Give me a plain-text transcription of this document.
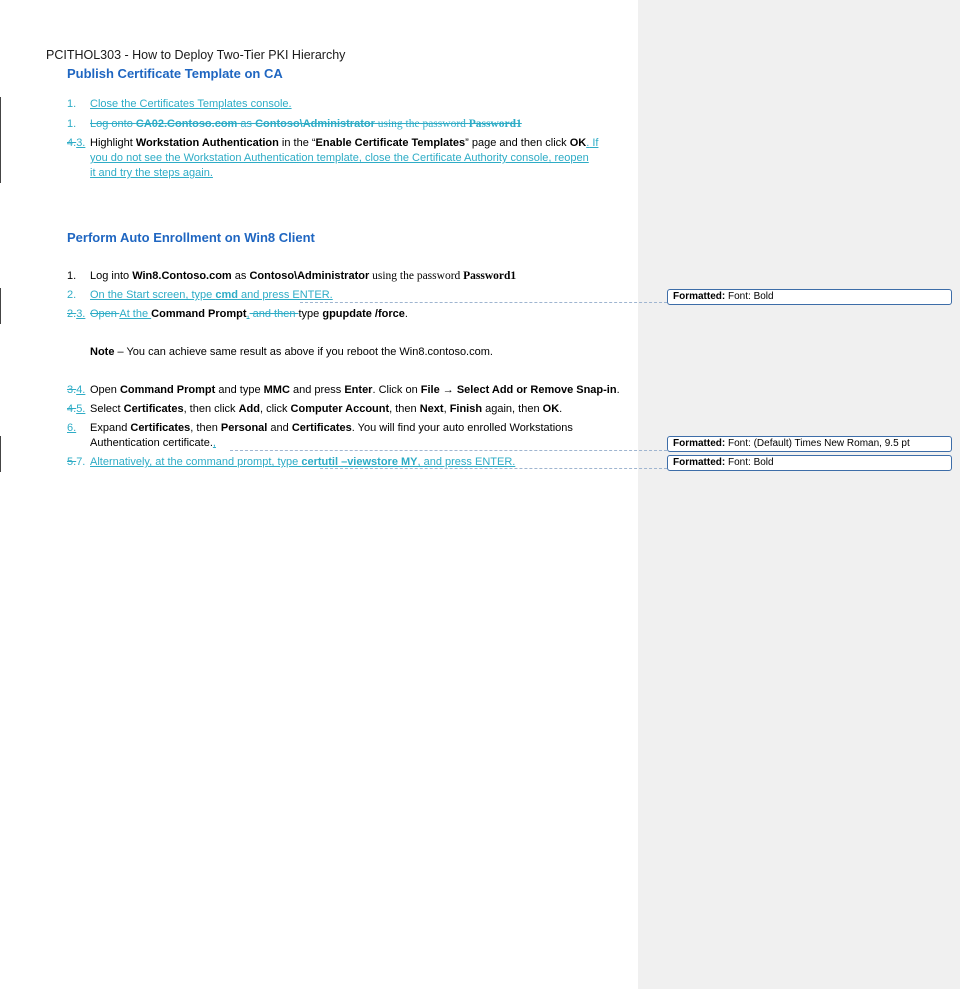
PCITHOL303 - How to Deploy Two-Tier PKI Hierarchy
Publish Certificate Template on CA
1. Close the Certificates Templates console.
1. Log onto CA02.Contoso.com as Contoso\Administrator using the password Password1
4.3. Highlight Workstation Authentication in the “Enable Certificate Templates” page and then click OK. If
you do not see the Workstation Authentication template, close the Certificate Authority console, reopen
it and try the steps again.
Perform Auto Enrollment on Win8 Client
1. Log into Win8.Contoso.com as Contoso\Administrator using the password Password1
2. On the Start screen, type cmd and press ENTER.
2.3. Open At the Command Prompt, and then type gpupdate /force.
Note – You can achieve same result as above if you reboot the Win8.contoso.com.
3.4. Open Command Prompt and type MMC and press Enter. Click on File → Select Add or Remove Snap-in.
4.5. Select Certificates, then click Add, click Computer Account, then Next, Finish again, then OK.
6. Expand Certificates, then Personal and Certificates. You will find your auto enrolled Workstations
Authentication certificate.,
5.7. Alternatively, at the command prompt, type certutil –viewstore MY, and press ENTER.
Formatted: Font: Bold
Formatted: Font: (Default) Times New Roman, 9.5 pt
Formatted: Font: Bold
